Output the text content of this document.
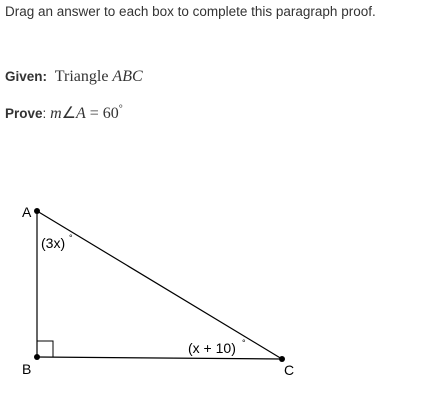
Drag an answer to each box to complete this paragraph proof.
Given: Triangle ABC
Prove: m∠A = 60°
A
B	C
(3x) °
(x + 10) °
